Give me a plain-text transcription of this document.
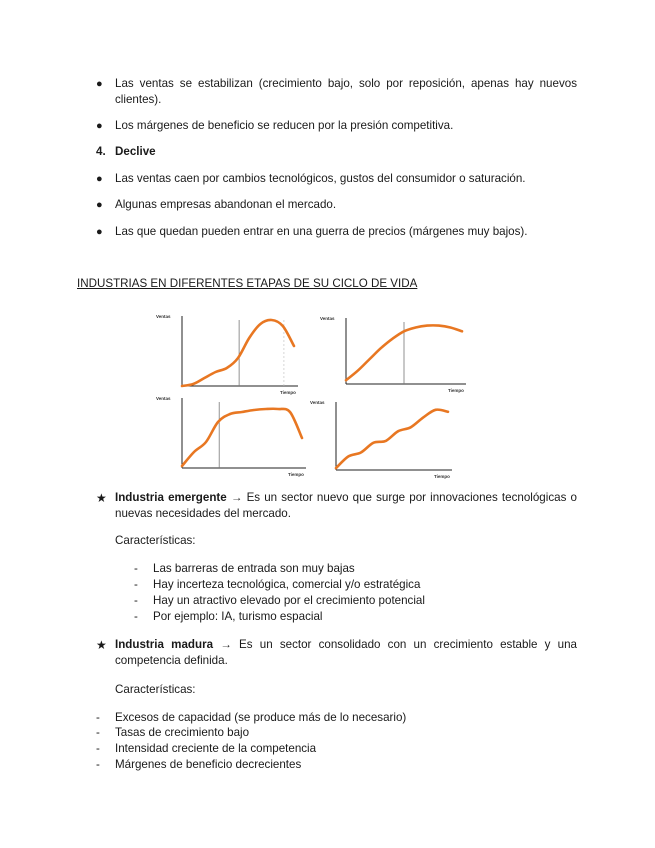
● Las ventas se estabilizan (crecimiento bajo, solo por reposición, apenas hay nuevos clientes).
● Los márgenes de beneficio se reducen por la presión competitiva.
4. Declive
● Las ventas caen por cambios tecnológicos, gustos del consumidor o saturación.
● Algunas empresas abandonan el mercado.
● Las que quedan pueden entrar en una guerra de precios (márgenes muy bajos).
INDUSTRIAS EN DIFERENTES ETAPAS DE SU CICLO DE VIDA
Ventas
Tiempo
Ventas
Tiempo
Ventas
Tiempo
Ventas
Tiempo
★ Industria emergente → Es un sector nuevo que surge por innovaciones tecnológicas o nuevas necesidades del mercado.
Características:
- Las barreras de entrada son muy bajas
- Hay incerteza tecnológica, comercial y/o estratégica
- Hay un atractivo elevado por el crecimiento potencial
- Por ejemplo: IA, turismo espacial
★ Industria madura → Es un sector consolidado con un crecimiento estable y una competencia definida.
Características:
- Excesos de capacidad (se produce más de lo necesario)
- Tasas de crecimiento bajo
- Intensidad creciente de la competencia
- Márgenes de beneficio decrecientes
